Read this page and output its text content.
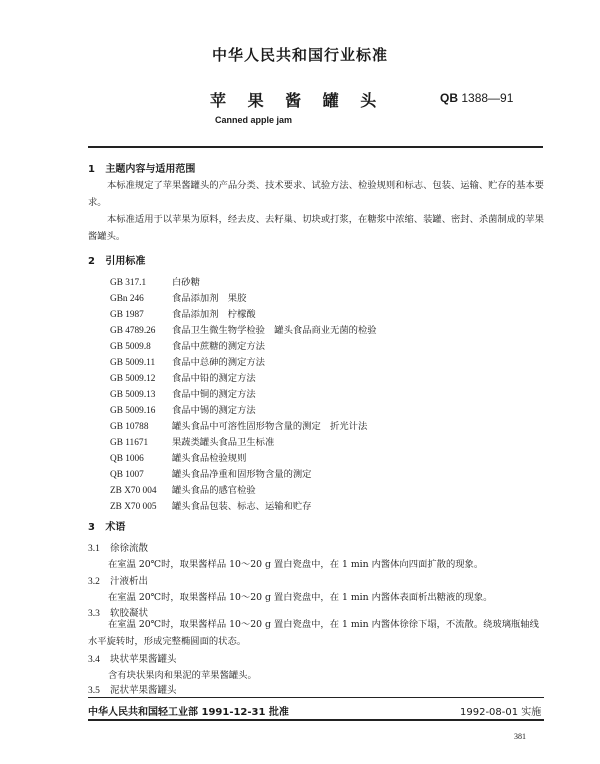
中华人民共和国行业标准
苹 果 酱 罐 头	QB 1388—91
Canned apple jam
1 主题内容与适用范围
本标准规定了苹果酱罐头的产品分类、技术要求、试验方法、检验规则和标志、包装、运输、贮存的基本要求。
本标准适用于以苹果为原料，经去皮、去籽巢、切块或打浆，在糖浆中浓缩、装罐、密封、杀菌制成的苹果酱罐头。
2 引用标准
GB 317.1	白砂糖
GBn 246	食品添加剂　果胶
GB 1987	食品添加剂　柠檬酸
GB 4789.26 食品卫生微生物学检验　罐头食品商业无菌的检验
GB 5009.8 食品中蔗糖的测定方法
GB 5009.11 食品中总砷的测定方法
GB 5009.12 食品中铅的测定方法
GB 5009.13 食品中铜的测定方法
GB 5009.16 食品中锡的测定方法
GB 10788	罐头食品中可溶性固形物含量的测定　折光计法
GB 11671	果蔬类罐头食品卫生标准
QB 1006	罐头食品检验规则
QB 1007	罐头食品净重和固形物含量的测定
ZB X70 004 罐头食品的感官检验
ZB X70 005 罐头食品包装、标志、运输和贮存
3 术语
3.1 徐徐流散
在室温 20℃时，取果酱样品 10～20 g 置白瓷盘中，在 1 min 内酱体向四面扩散的现象。
3.2 汁液析出
在室温 20℃时，取果酱样品 10～20 g 置白瓷盘中，在 1 min 内酱体表面析出糖液的现象。
3.3 软胶凝状
在室温 20℃时，取果酱样品 10～20 g 置白瓷盘中，在 1 min 内酱体徐徐下塌，不流散。绕玻璃瓶轴线水平旋转时，形成完整椭圆面的状态。
3.4 块状苹果酱罐头
含有块状果肉和果泥的苹果酱罐头。
3.5 泥状苹果酱罐头
中华人民共和国轻工业部 1991-12-31 批准	1992-08-01 实施
381
